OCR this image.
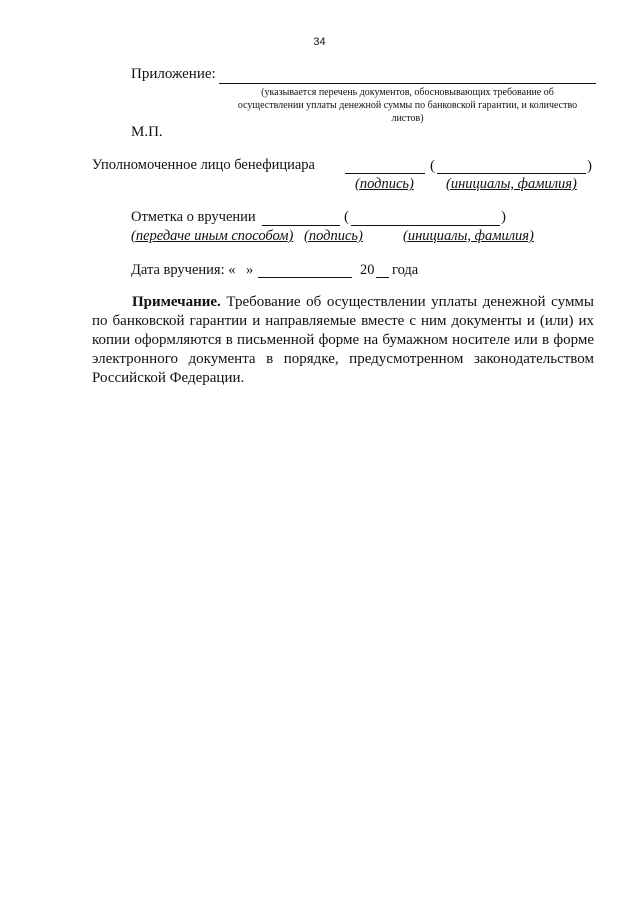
34
Приложение:
(указывается перечень документов, обосновывающих требование об
осуществлении уплаты денежной суммы по банковской гарантии, и количество
листов)
М.П.
Уполномоченное лицо бенефициара	(	)
(подпись) (инициалы, фамилия)
Отметка о вручении	(	)
(передаче иным способом) (подпись)	(инициалы, фамилия)
Дата вручения: « »	20 года
Примечание. Требование об осуществлении уплаты денежной суммы по банковской гарантии и направляемые вместе с ним документы и (или) их копии оформляются в письменной форме на бумажном носителе или в форме электронного документа в порядке, предусмотренном законодательством Российской Федерации.
